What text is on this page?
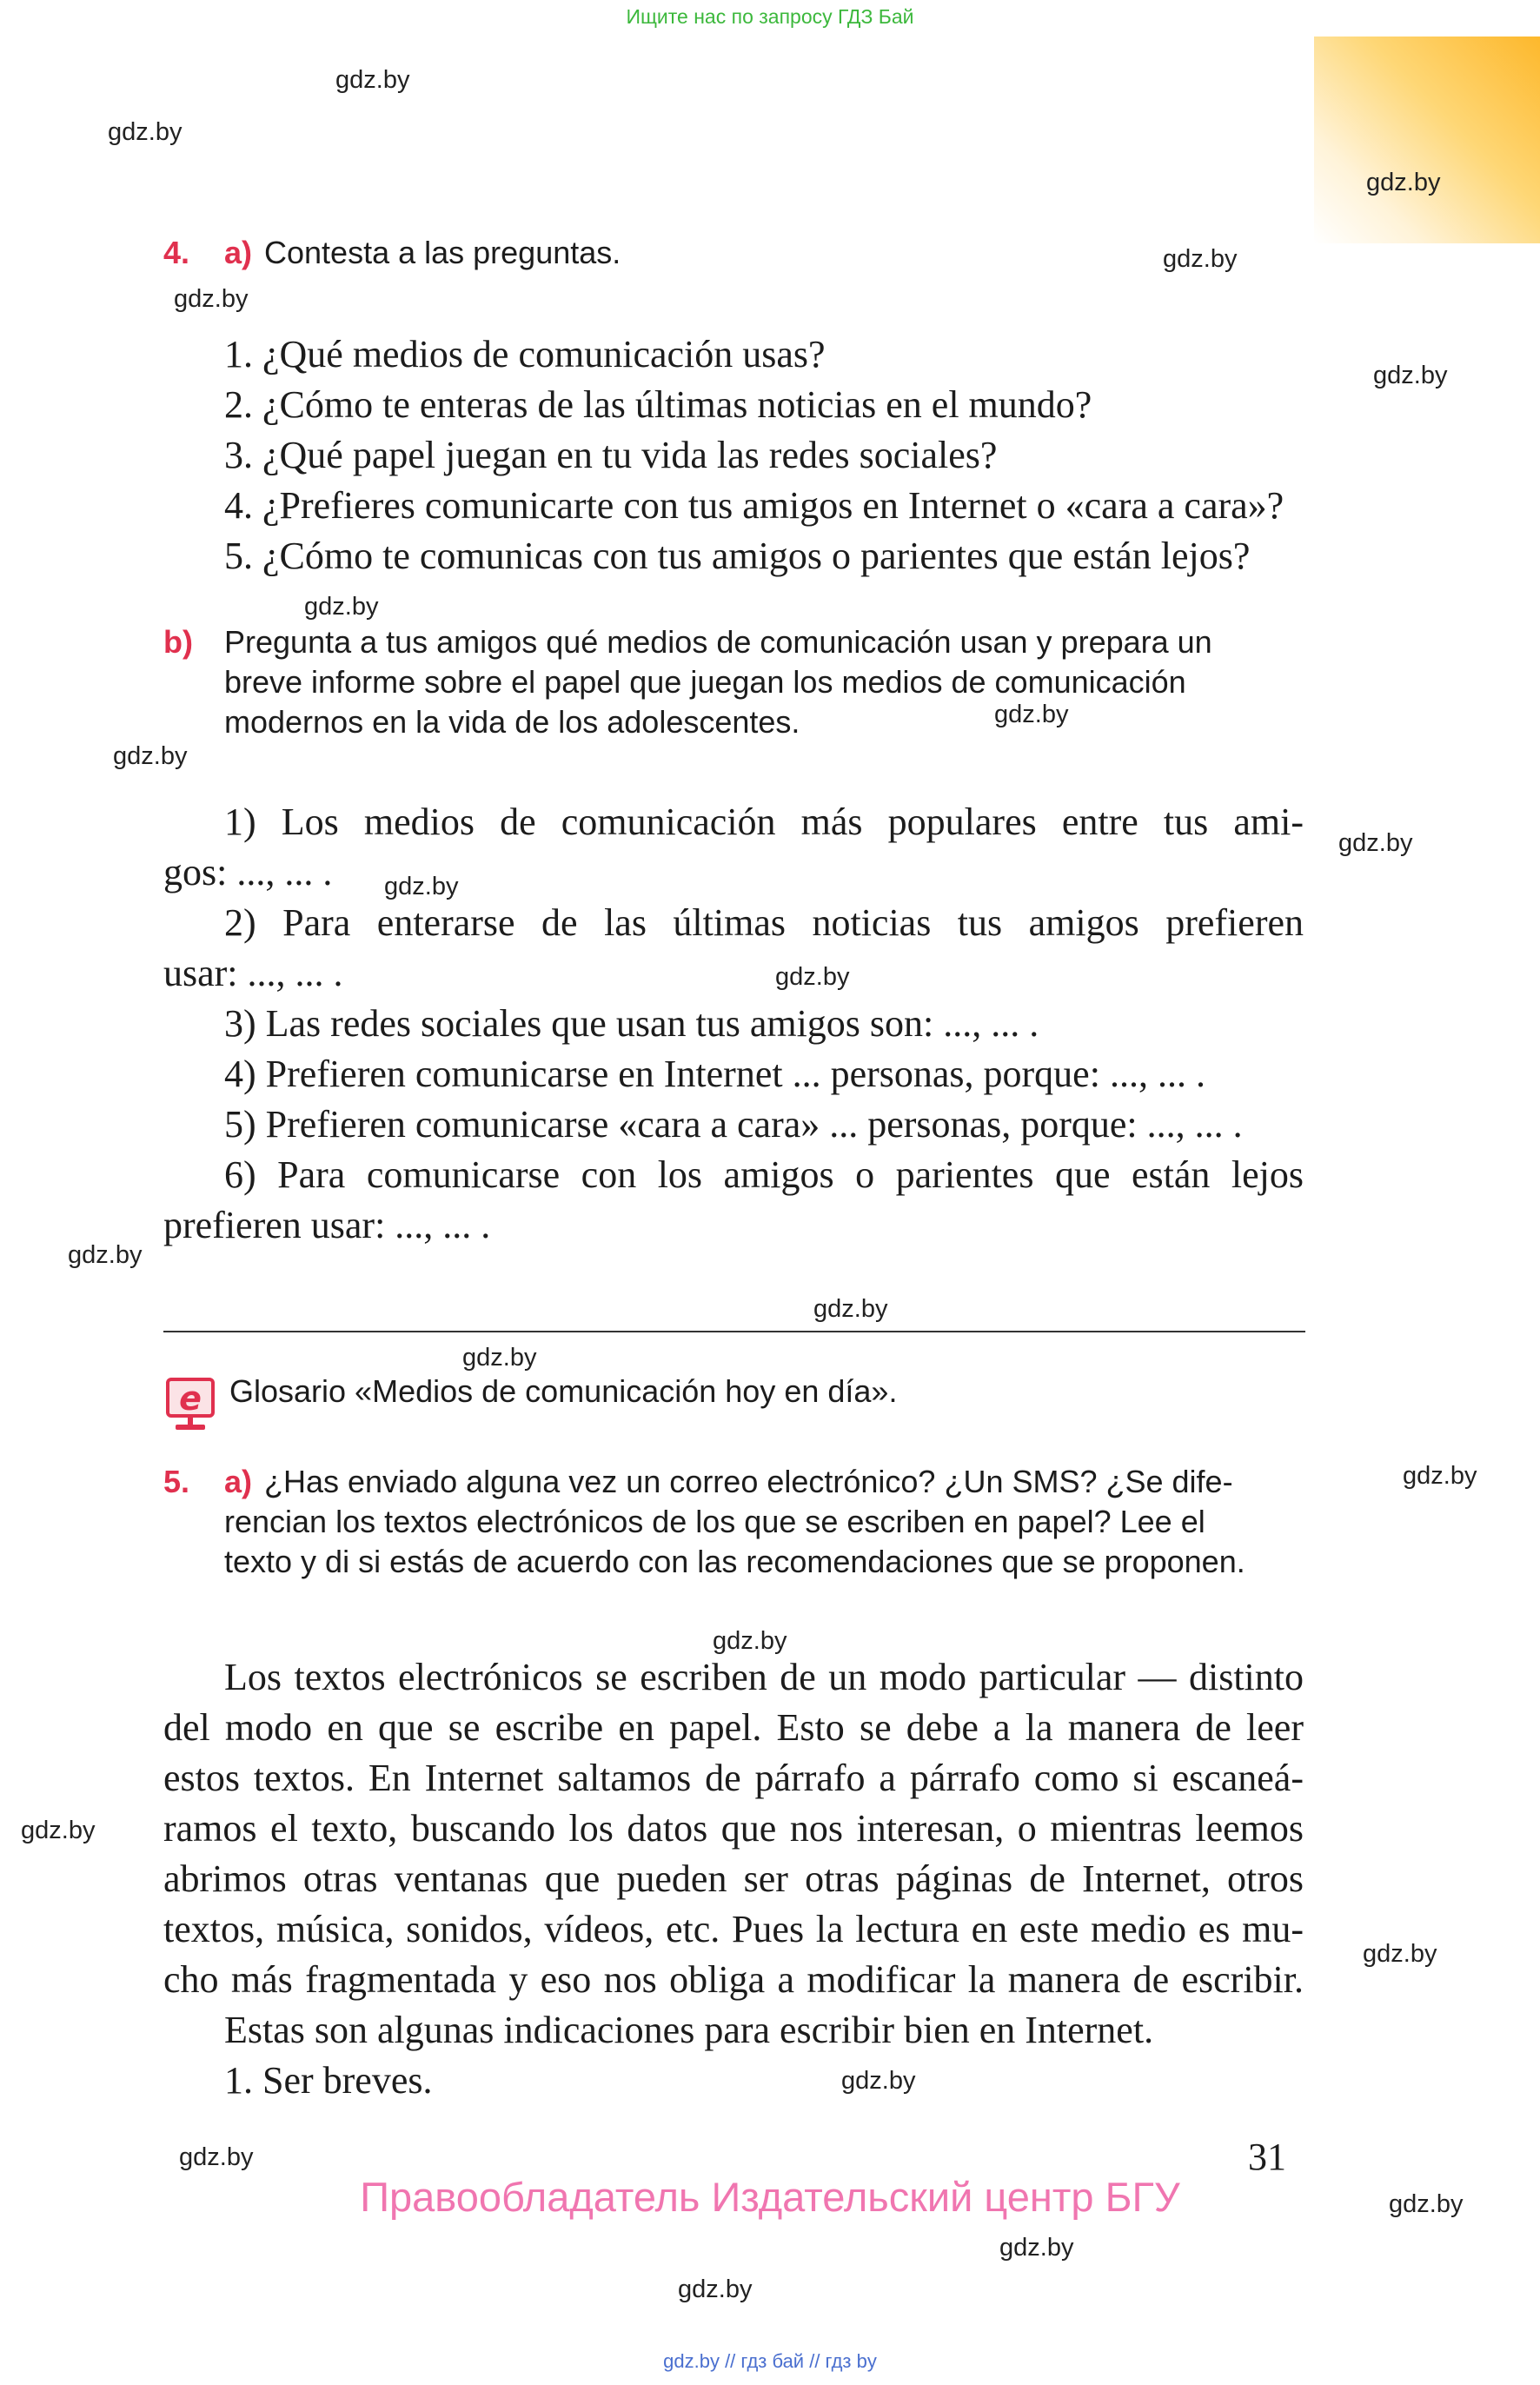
Ищите нас по запросу ГДЗ Бай
gdz.by
gdz.by
gdz.by
gdz.by
gdz.by
gdz.by
gdz.by
gdz.by
gdz.by
gdz.by
gdz.by
gdz.by
gdz.by
gdz.by
gdz.by
gdz.by
gdz.by
gdz.by
gdz.by
gdz.by
gdz.by
gdz.by
gdz.by
gdz.by
4. a) Contesta a las preguntas.
1. ¿Qué medios de comunicación usas?
2. ¿Cómo te enteras de las últimas noticias en el mundo?
3. ¿Qué papel juegan en tu vida las redes sociales?
4. ¿Prefieres comunicarte con tus amigos en Internet o «cara a cara»?
5. ¿Cómo te comunicas con tus amigos o parientes que están lejos?
b) Pregunta a tus amigos qué medios de comunicación usan y prepara un
breve informe sobre el papel que juegan los medios de comunicación
modernos en la vida de los adolescentes.
1) Los medios de comunicación más populares entre tus ami-
gos: ..., ... .
2) Para enterarse de las últimas noticias tus amigos prefieren
usar: ..., ... .
3) Las redes sociales que usan tus amigos son: ..., ... .
4) Prefieren comunicarse en Internet ... personas, porque: ..., ... .
5) Prefieren comunicarse «cara a cara» ... personas, porque: ..., ... .
6) Para comunicarse con los amigos o parientes que están lejos
prefieren usar: ..., ... .
e Glosario «Medios de comunicación hoy en día».
5. a) ¿Has enviado alguna vez un correo electrónico? ¿Un SMS? ¿Se dife-
rencian los textos electrónicos de los que se escriben en papel? Lee el
texto y di si estás de acuerdo con las recomendaciones que se proponen.
Los textos electrónicos se escriben de un modo particular — distinto
del modo en que se escribe en papel. Esto se debe a la manera de leer
estos textos. En Internet saltamos de párrafo a párrafo como si escaneá-
ramos el texto, buscando los datos que nos interesan, o mientras leemos
abrimos otras ventanas que pueden ser otras páginas de Internet, otros
textos, música, sonidos, vídeos, etc. Pues la lectura en este medio es mu-
cho más fragmentada y eso nos obliga a modificar la manera de escribir.
Estas son algunas indicaciones para escribir bien en Internet.
1. Ser breves.
31
Правообладатель Издательский центр БГУ
gdz.by // гдз бай // гдз by
